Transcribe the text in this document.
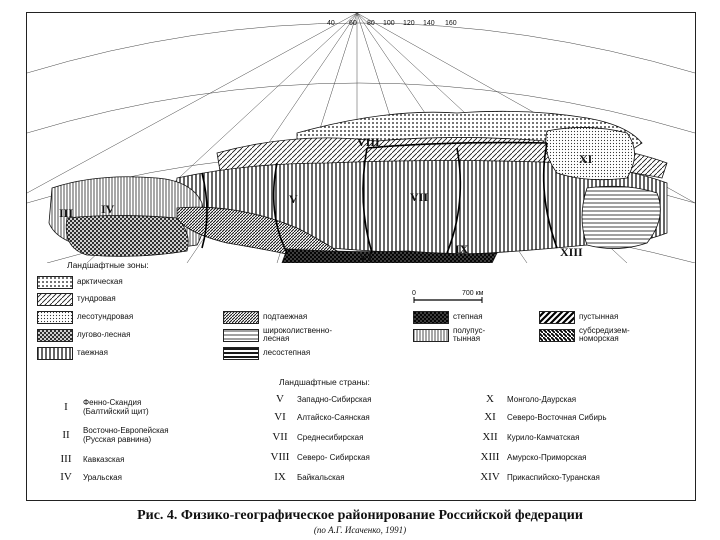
40 60 80 100 120 140 160
VIII
V	VII
IX
XI
XIII
VI
III IV
0	700 км
Ландшафтные зоны:
арктическая
тундровая
лесотундровая
лугово-лесная
таежная
подтаежная
широколиственно-
лесная
лесостепная
степная
полупус-
тынная
пустынная
субсредизем-
номорская
Ландшафтные страны:
I	Фенно-Скандия
(Балтийский щит)
II	Восточно-Европейская
(Русская равнина)
III	Кавказская
IV	Уральская
V	Западно-Сибирская
VI	Алтайско-Саянская
VII	Среднесибирская
VIII Северо- Сибирская
IX	Байкальская
X	Монголо-Даурская
XI	Северо-Восточная Сибирь
XII	Курило-Камчатская
XIII Амурско-Приморская
XIV Прикаспийско-Туранская
Рис. 4. Физико-географическое районирование Российской федерации
(по А.Г. Исаченко, 1991)
